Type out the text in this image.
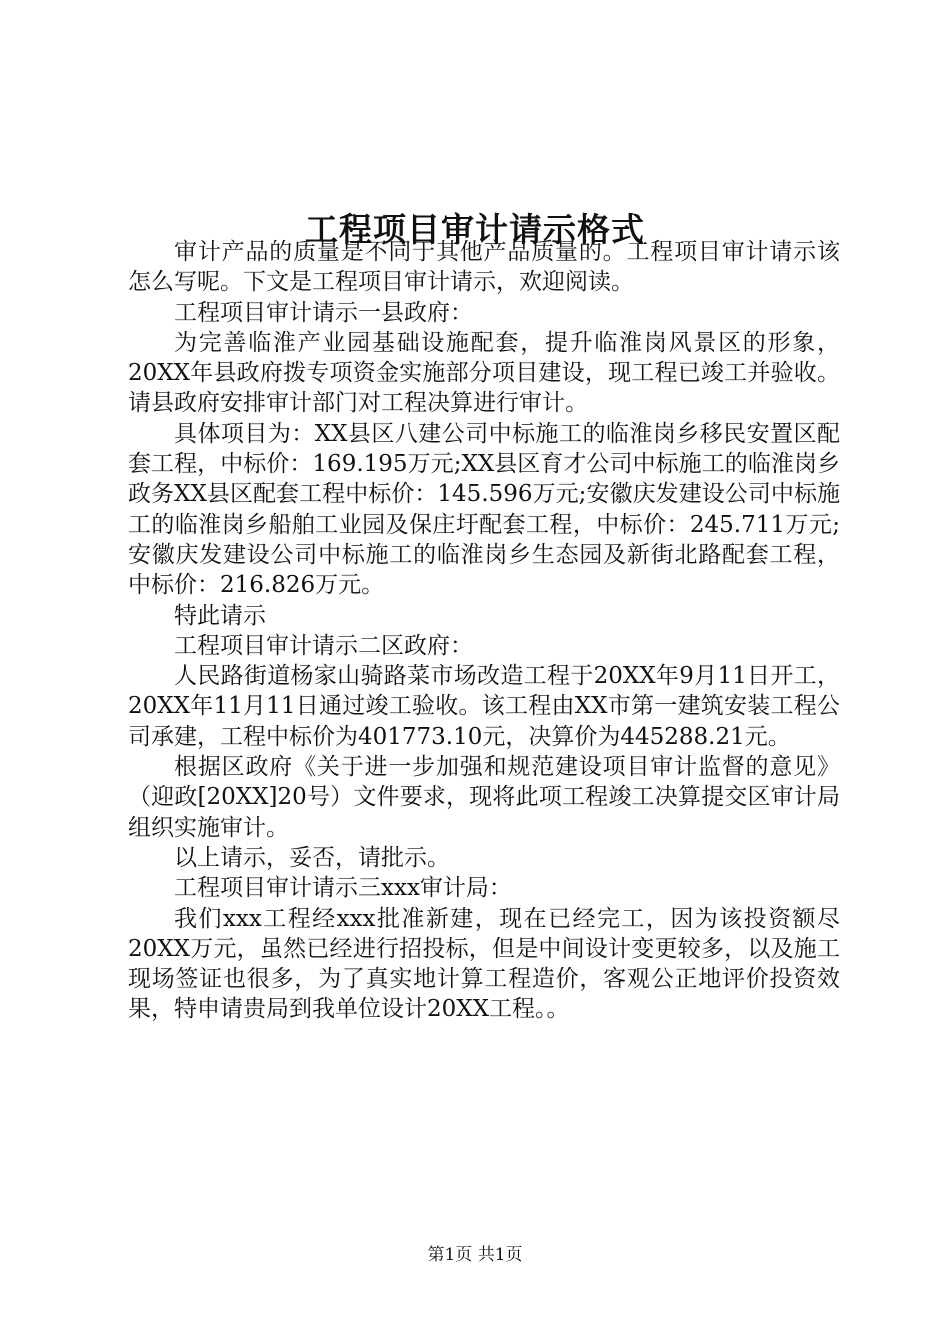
工程项目审计请示格式

审计产品的质量是不同于其他产品质量的。工程项目审计请示该怎么写呢。下文是工程项目审计请示，欢迎阅读。

工程项目审计请示一县政府：

为完善临淮产业园基础设施配套，提升临淮岗风景区的形象，20XX年县政府拨专项资金实施部分项目建设，现工程已竣工并验收。请县政府安排审计部门对工程决算进行审计。

具体项目为：XX县区八建公司中标施工的临淮岗乡移民安置区配套工程，中标价：169.195万元;XX县区育才公司中标施工的临淮岗乡政务XX县区配套工程中标价：145.596万元;安徽庆发建设公司中标施工的临淮岗乡船舶工业园及保庄圩配套工程，中标价：245.711万元;安徽庆发建设公司中标施工的临淮岗乡生态园及新街北路配套工程，中标价：216.826万元。

特此请示

工程项目审计请示二区政府：

人民路街道杨家山骑路菜市场改造工程于20XX年9月11日开工，20XX年11月11日通过竣工验收。该工程由XX市第一建筑安装工程公司承建，工程中标价为401773.10元，决算价为445288.21元。

根据区政府《关于进一步加强和规范建设项目审计监督的意见》（迎政[20XX]20号）文件要求，现将此项工程竣工决算提交区审计局组织实施审计。

以上请示，妥否，请批示。

工程项目审计请示三xxx审计局：

我们xxx工程经xxx批准新建，现在已经完工，因为该投资额尽20XX万元，虽然已经进行招投标，但是中间设计变更较多，以及施工现场签证也很多，为了真实地计算工程造价，客观公正地评价投资效果，特申请贵局到我单位设计20XX工程。。

第1页 共1页
